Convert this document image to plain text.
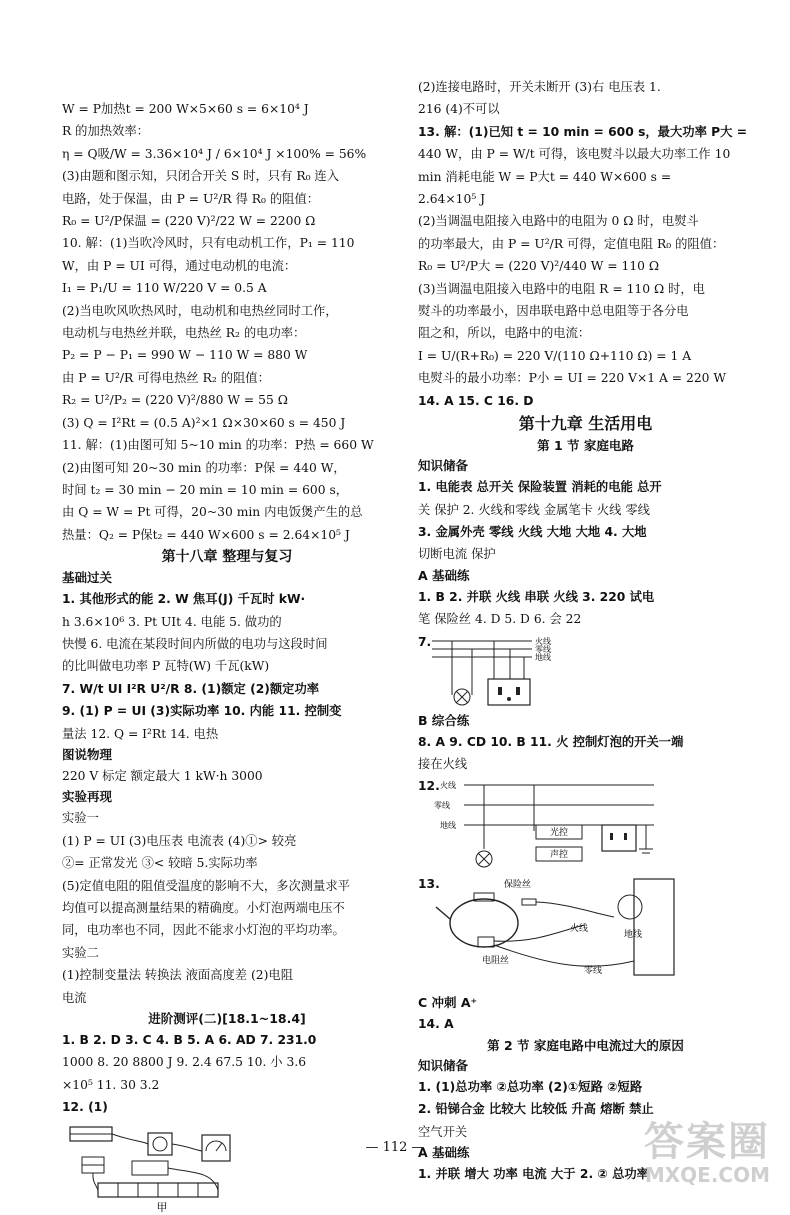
W = P加热t = 200 W×5×60 s = 6×10⁴ J
R 的加热效率：
η = Q吸/W = 3.36×10⁴ J / 6×10⁴ J ×100% = 56%
(3)由题和图示知，只闭合开关 S 时，只有 R₀ 连入
电路，处于保温，由 P = U²/R 得 R₀ 的阻值：
R₀ = U²/P保温 = (220 V)²/22 W = 2200 Ω
10. 解：(1)当吹冷风时，只有电动机工作，P₁ = 110
W，由 P = UI 可得，通过电动机的电流：
I₁ = P₁/U = 110 W/220 V = 0.5 A
(2)当电吹风吹热风时，电动机和电热丝同时工作，
电动机与电热丝并联，电热丝 R₂ 的电功率：
P₂ = P − P₁ = 990 W − 110 W = 880 W
由 P = U²/R 可得电热丝 R₂ 的阻值：
R₂ = U²/P₂ = (220 V)²/880 W = 55 Ω
(3) Q = I²Rt = (0.5 A)²×1 Ω×30×60 s = 450 J
11. 解：(1)由图可知 5~10 min 的功率：P热 = 660 W
(2)由图可知 20~30 min 的功率：P保 = 440 W，
时间 t₂ = 30 min − 20 min = 10 min = 600 s，
由 Q = W = Pt 可得，20~30 min 内电饭煲产生的总
热量：Q₂ = P保t₂ = 440 W×600 s = 2.64×10⁵ J
第十八章 整理与复习
基础过关
1. 其他形式的能 2. W 焦耳(J) 千瓦时 kW·
h 3.6×10⁶ 3. Pt UIt 4. 电能 5. 做功的
快慢 6. 电流在某段时间内所做的电功与这段时间
的比叫做电功率 P 瓦特(W) 千瓦(kW)
7. W/t UI I²R U²/R 8. (1)额定 (2)额定功率
9. (1) P = UI (3)实际功率 10. 内能 11. 控制变
量法 12. Q = I²Rt 14. 电热
图说物理
220 V 标定 额定最大 1 kW·h 3000
实验再现
实验一
(1) P = UI (3)电压表 电流表 (4)①> 较亮
②= 正常发光 ③< 较暗 5.实际功率
(5)定值电阻的阻值受温度的影响不大，多次测量求平
均值可以提高测量结果的精确度。小灯泡两端电压不
同，电功率也不同，因此不能求小灯泡的平均功率。
实验二
(1)控制变量法 转换法 液面高度差 (2)电阻
电流
进阶测评(二)[18.1~18.4]
1. B 2. D 3. C 4. B 5. A 6. AD 7. 231.0
1000 8. 20 8800 J 9. 2.4 67.5 10. 小 3.6
×10⁵ 11. 30 3.2
12. (1)
甲
(2)连接电路时，开关未断开 (3)右 电压表 1.
216 (4)不可以
13. 解：(1)已知 t = 10 min = 600 s，最大功率 P大 =
440 W，由 P = W/t 可得，该电熨斗以最大功率工作 10
min 消耗电能 W = P大t = 440 W×600 s =
2.64×10⁵ J
(2)当调温电阻接入电路中的电阻为 0 Ω 时，电熨斗
的功率最大，由 P = U²/R 可得，定值电阻 R₀ 的阻值：
R₀ = U²/P大 = (220 V)²/440 W = 110 Ω
(3)当调温电阻接入电路中的电阻 R = 110 Ω 时，电
熨斗的功率最小，因串联电路中总电阻等于各分电
阻之和，所以，电路中的电流：
I = U/(R+R₀) = 220 V/(110 Ω+110 Ω) = 1 A
电熨斗的最小功率：P小 = UI = 220 V×1 A = 220 W
14. A 15. C 16. D
第十九章 生活用电
第 1 节 家庭电路
知识储备
1. 电能表 总开关 保险装置 消耗的电能 总开
关 保护 2. 火线和零线 金属笔卡 火线 零线
3. 金属外壳 零线 火线 大地 大地 4. 大地
切断电流 保护
A 基础练
1. B 2. 并联 火线 串联 火线 3. 220 试电
笔 保险丝 4. D 5. D 6. 会 22
7.	火线
零线
地线
B 综合练
8. A 9. CD 10. B 11. 火 控制灯泡的开关一端
接在火线
12. 火线
零线
地线
光控
声控
13.
电阻丝
保险丝
火线
零线
地线
C 冲刺 A⁺
14. A
第 2 节 家庭电路中电流过大的原因
知识储备
1. (1)总功率 ②总功率 (2)①短路 ②短路
2. 铅锑合金 比较大 比较低 升高 熔断 禁止
空气开关
A 基础练
1. 并联 增大 功率 电流 大于 2. ② 总功率
— 112 —	答案圈
MXQE.COM
